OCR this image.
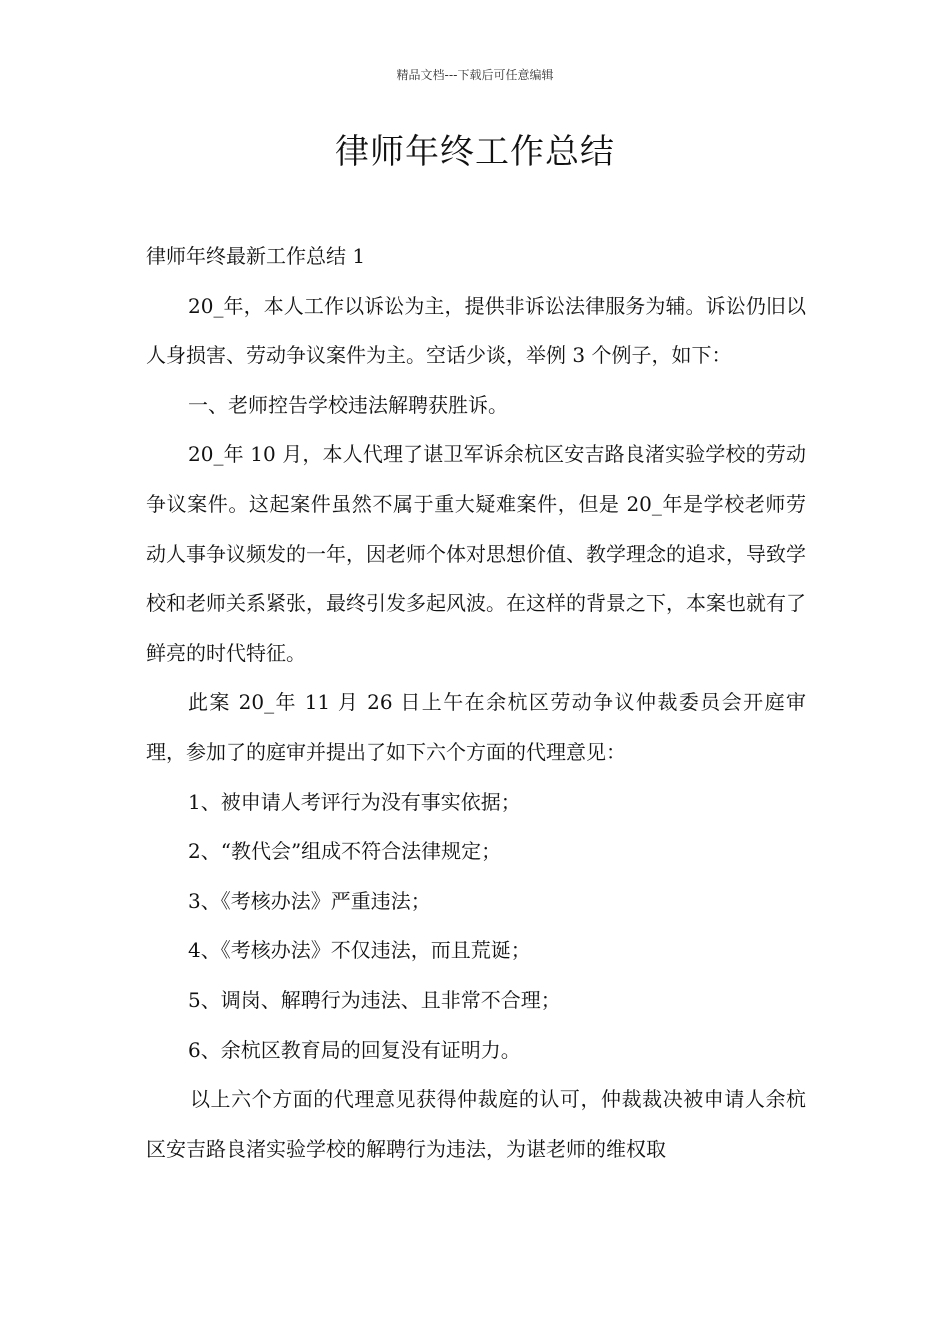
精品文档---下载后可任意编辑
律师年终工作总结

律师年终最新工作总结 1

20_年，本人工作以诉讼为主，提供非诉讼法律服务为辅。诉讼仍旧以人身损害、劳动争议案件为主。空话少谈，举例 3 个例子，如下：

一、老师控告学校违法解聘获胜诉。

20_年 10 月，本人代理了谌卫军诉余杭区安吉路良渚实验学校的劳动争议案件。这起案件虽然不属于重大疑难案件，但是 20_年是学校老师劳动人事争议频发的一年，因老师个体对思想价值、教学理念的追求，导致学校和老师关系紧张，最终引发多起风波。在这样的背景之下，本案也就有了鲜亮的时代特征。

此案 20_年 11 月 26 日上午在余杭区劳动争议仲裁委员会开庭审理，参加了的庭审并提出了如下六个方面的代理意见：

1、被申请人考评行为没有事实依据；

2、“教代会”组成不符合法律规定；

3、《考核办法》严重违法；

4、《考核办法》不仅违法，而且荒诞；

5、调岗、解聘行为违法、且非常不合理；

6、余杭区教育局的回复没有证明力。

以上六个方面的代理意见获得仲裁庭的认可，仲裁裁决被申请人余杭区安吉路良渚实验学校的解聘行为违法，为谌老师的维权取
